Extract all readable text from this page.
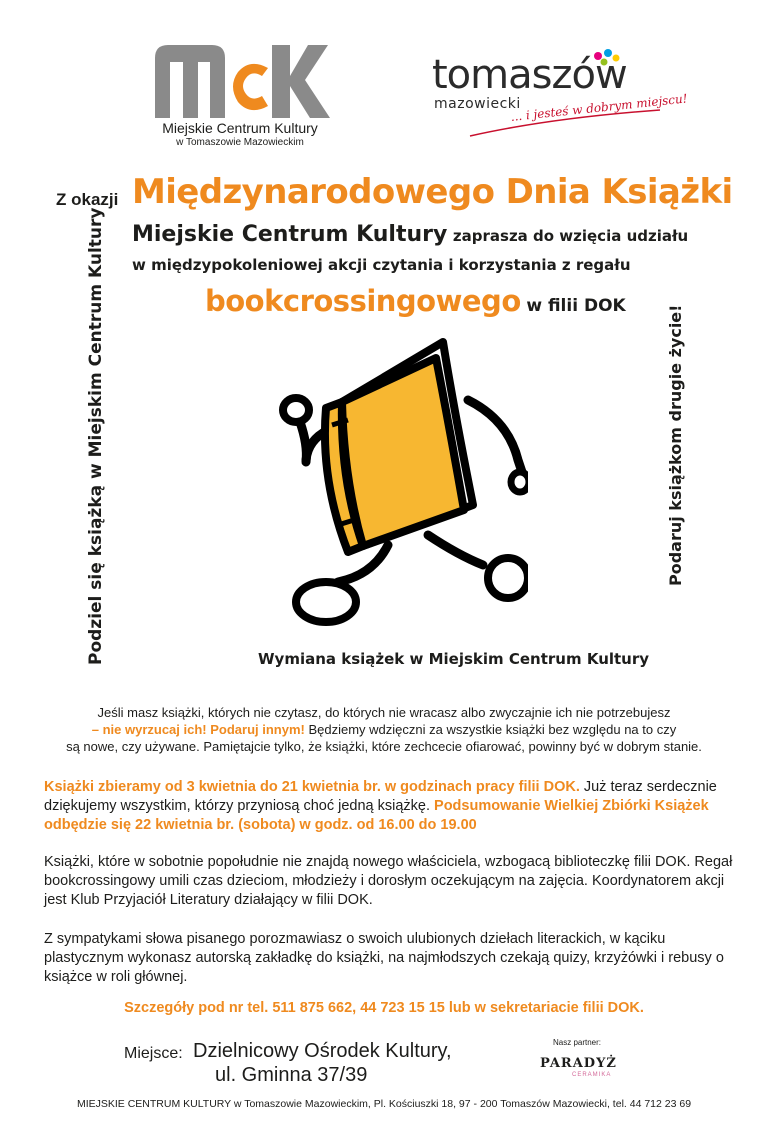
Miejskie Centrum Kultury
w Tomaszowie Mazowieckim
tomaszów
mazowiecki
... i jesteś w dobrym miejscu!
Z okazji Międzynarodowego Dnia Książki
Miejskie Centrum Kultury zaprasza do wzięcia udziału
w międzypokoleniowej akcji czytania i korzystania z regału
bookcrossingowego w filii DOK
Podziel się książką w Miejskim Centrum Kultury	Podaruj książkom drugie życie!
Wymiana książek w Miejskim Centrum Kultury
Jeśli masz książki, których nie czytasz, do których nie wracasz albo zwyczajnie ich nie potrzebujesz
– nie wyrzucaj ich! Podaruj innym! Będziemy wdzięczni za wszystkie książki bez względu na to czy
są nowe, czy używane. Pamiętajcie tylko, że książki, które zechcecie ofiarować, powinny być w dobrym stanie.
Książki zbieramy od 3 kwietnia do 21 kwietnia br. w godzinach pracy filii DOK. Już teraz serdecznie dziękujemy wszystkim, którzy przyniosą choć jedną książkę. Podsumowanie Wielkiej Zbiórki Książek odbędzie się 22 kwietnia br. (sobota) w godz. od 16.00 do 19.00
Książki, które w sobotnie popołudnie nie znajdą nowego właściciela, wzbogacą biblioteczkę filii DOK. Regał bookcrossingowy umili czas dzieciom, młodzieży i dorosłym oczekującym na zajęcia. Koordynatorem akcji jest Klub Przyjaciół Literatury działający w filii DOK.
Z sympatykami słowa pisanego porozmawiasz o swoich ulubionych dziełach literackich, w kąciku plastycznym wykonasz autorską zakładkę do książki, na najmłodszych czekają quizy, krzyżówki i rebusy o książce w roli głównej.
Szczegóły pod nr tel. 511 875 662, 44 723 15 15 lub w sekretariacie filii DOK.
Miejsce: Dzielnicowy Ośrodek Kultury,
ul. Gminna 37/39
Nasz partner:
PARADYŻ
CERAMIKA
MIEJSKIE CENTRUM KULTURY w Tomaszowie Mazowieckim, Pl. Kościuszki 18, 97 - 200 Tomaszów Mazowiecki, tel. 44 712 23 69
